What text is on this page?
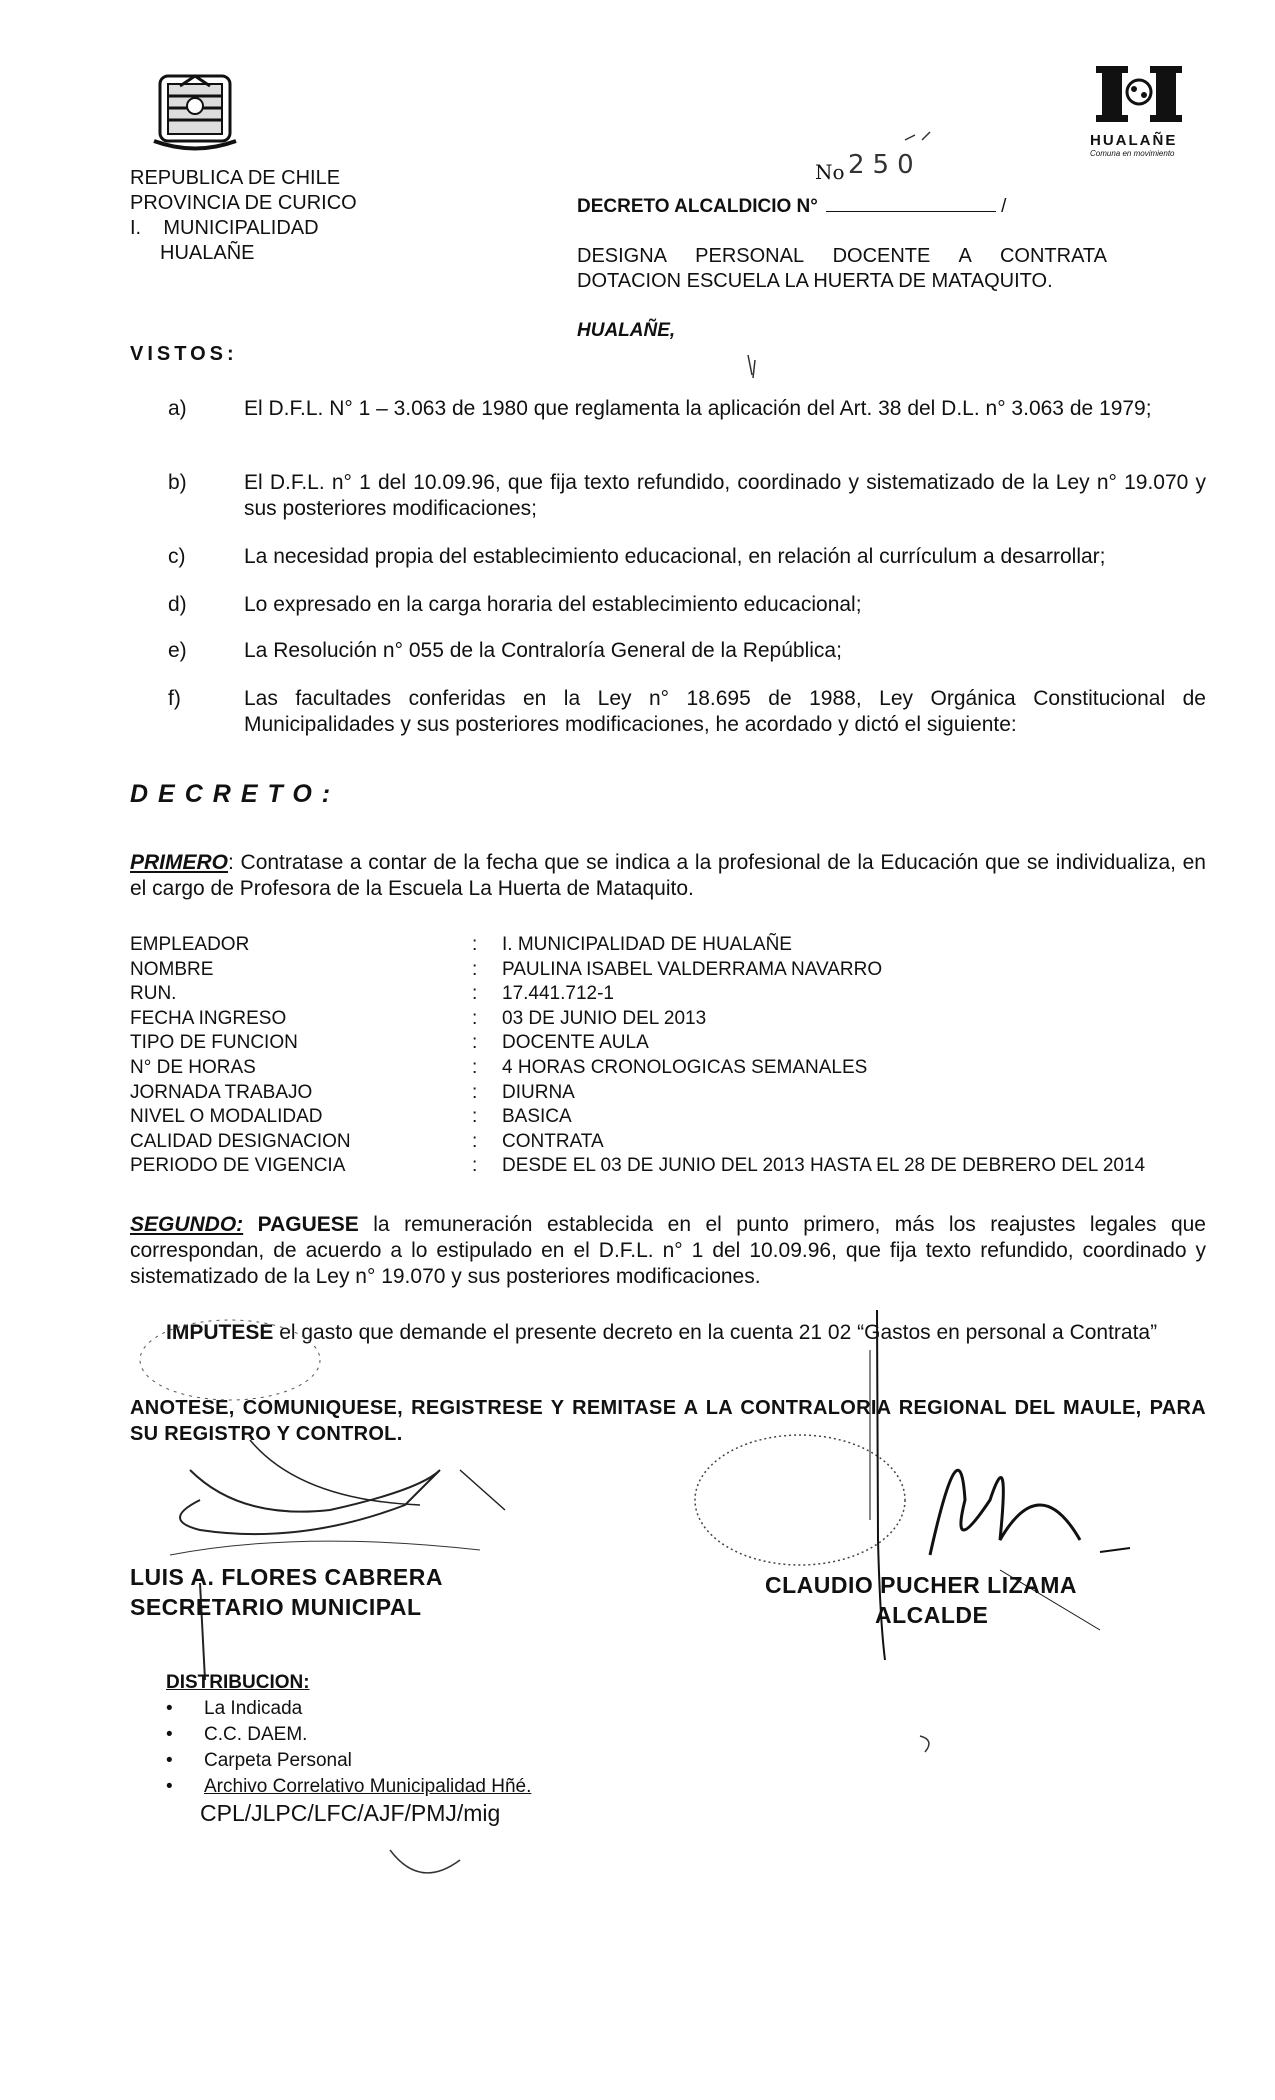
HUALAÑE
Comuna en movimiento
REPUBLICA DE CHILE
PROVINCIA DE CURICO
I.    MUNICIPALIDAD
HUALAÑE
No 250
DECRETO ALCALDICIO N°	/
DESIGNA PERSONAL DOCENTE A CONTRATA
DOTACION ESCUELA LA HUERTA DE MATAQUITO.
HUALAÑE,
VISTOS:
a)	El D.F.L. N° 1 – 3.063 de 1980 que reglamenta la aplicación del Art. 38 del D.L. n° 3.063 de 1979;
b)	El D.F.L. n° 1 del 10.09.96, que fija texto refundido, coordinado y sistematizado de la Ley n° 19.070 y sus posteriores modificaciones;
c)	La necesidad propia del establecimiento educacional, en relación al currículum a desarrollar;
d)	Lo expresado en la carga horaria del establecimiento educacional;
e)	La Resolución n° 055 de la Contraloría General de la República;
f)	Las facultades conferidas en la Ley n° 18.695 de 1988, Ley Orgánica Constitucional de Municipalidades y sus posteriores modificaciones, he acordado y dictó el siguiente:
DECRETO:
PRIMERO: Contratase a contar de la fecha que se indica a la profesional de la Educación que se individualiza, en el cargo de Profesora de la Escuela La Huerta de Mataquito.
EMPLEADOR	: I. MUNICIPALIDAD DE HUALAÑE
NOMBRE	: PAULINA ISABEL VALDERRAMA NAVARRO
RUN.	: 17.441.712-1
FECHA INGRESO	: 03 DE JUNIO DEL 2013
TIPO DE FUNCION	: DOCENTE AULA
N° DE HORAS	: 4 HORAS CRONOLOGICAS SEMANALES
JORNADA TRABAJO	: DIURNA
NIVEL O MODALIDAD	: BASICA
CALIDAD DESIGNACION	: CONTRATA
PERIODO DE VIGENCIA	: DESDE EL 03 DE JUNIO DEL 2013 HASTA EL 28 DE DEBRERO DEL 2014
SEGUNDO: PAGUESE la remuneración establecida en el punto primero, más los reajustes legales que correspondan, de acuerdo a lo estipulado en el D.F.L. n° 1 del 10.09.96, que fija texto refundido, coordinado y sistematizado de la Ley n° 19.070 y sus posteriores modificaciones.
IMPUTESE el gasto que demande el presente decreto en la cuenta 21 02 “Gastos en personal a Contrata”
ANOTESE, COMUNIQUESE, REGISTRESE Y REMITASE A LA CONTRALORIA REGIONAL DEL MAULE, PARA SU REGISTRO Y CONTROL.
LUIS A. FLORES CABRERA
SECRETARIO MUNICIPAL
CLAUDIO PUCHER LIZAMA
ALCALDE
DISTRIBUCION:
• La Indicada
• C.C. DAEM.
• Carpeta Personal
• Archivo Correlativo Municipalidad Hñé.
CPL/JLPC/LFC/AJF/PMJ/mig
